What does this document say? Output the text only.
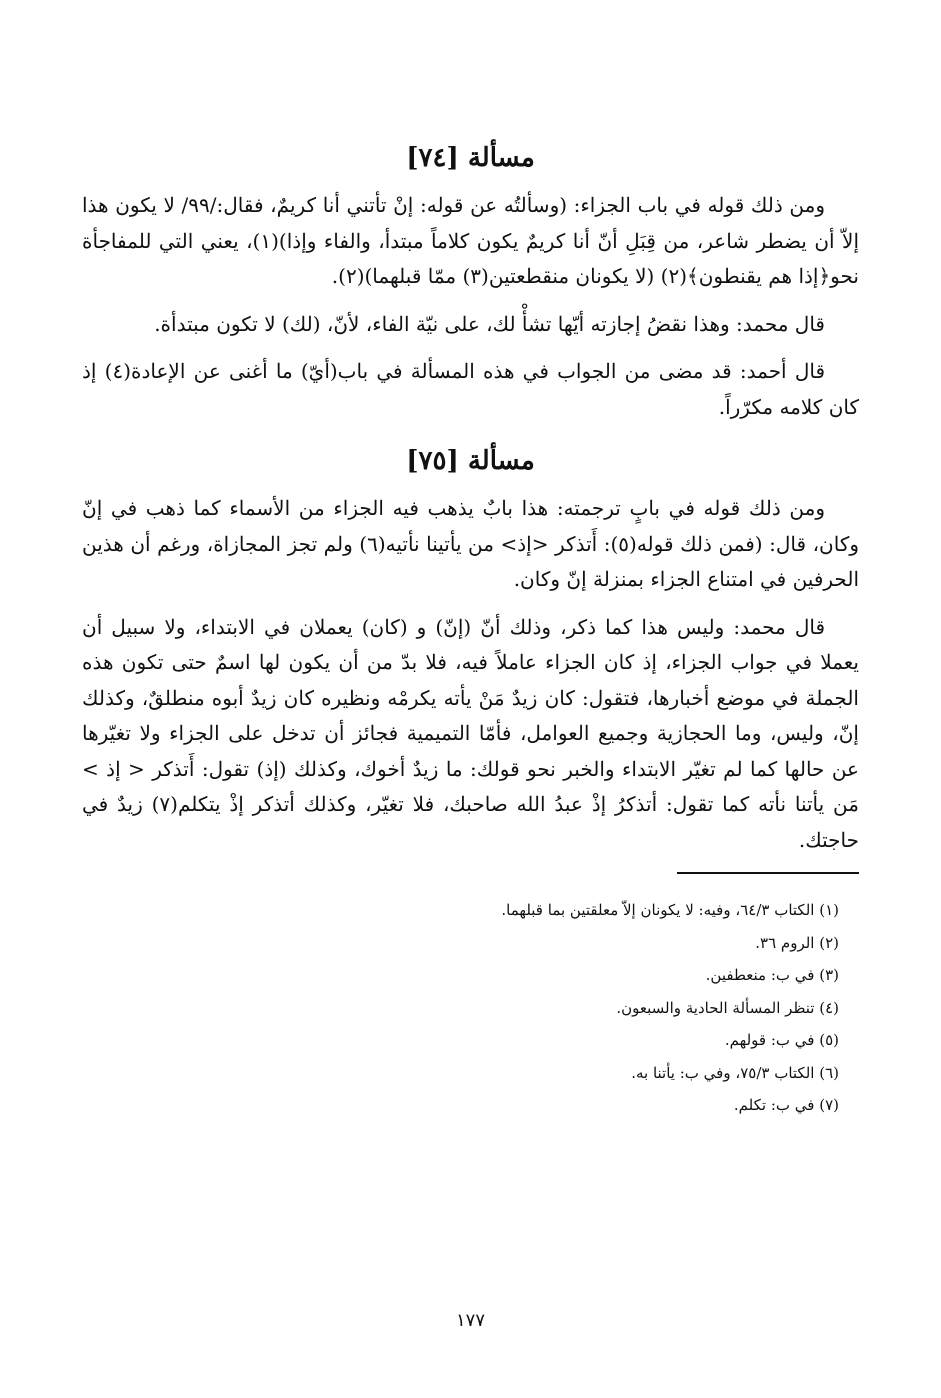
مسألة [٧٤]

ومن ذلك قوله في باب الجزاء: (وسألتُه عن قوله: إنْ تأتني أنا كريمٌ، فقال:/٩٩/ لا يكون هذا إلاّ أن يضطر شاعر، من قِبَلِ أنّ أنا كريمٌ يكون كلاماً مبتدأ، والفاء وإذا)(١)، يعني التي للمفاجأة نحو﴿إذا هم يقنطون﴾(٢) (لا يكونان منقطعتين(٣) ممّا قبلهما)(٢).

قال محمد: وهذا نقضُ إجازته أيّها تشأْ لك، على نيّة الفاء، لأنّ، (لك) لا تكون مبتدأة.

قال أحمد: قد مضى من الجواب في هذه المسألة في باب(أيّ) ما أغنى عن الإعادة(٤) إذ كان كلامه مكرّراً.

مسألة [٧٥]

ومن ذلك قوله في بابٍ ترجمته: هذا بابٌ يذهب فيه الجزاء من الأسماء كما ذهب في إنّ وكان، قال: (فمن ذلك قوله(٥): أَتذكر <إذ> من يأتينا نأتيه(٦) ولم تجز المجازاة، ورغم أن هذين الحرفين في امتناع الجزاء بمنزلة إنّ وكان.

قال محمد: وليس هذا كما ذكر، وذلك أنّ (إنّ) و (كان) يعملان في الابتداء، ولا سبيل أن يعملا في جواب الجزاء، إذ كان الجزاء عاملاً فيه، فلا بدّ من أن يكون لها اسمٌ حتى تكون هذه الجملة في موضع أخبارها، فتقول: كان زيدٌ مَنْ يأته يكرمْه ونظيره كان زيدٌ أبوه منطلقٌ، وكذلك إنّ، وليس، وما الحجازية وجميع العوامل، فأمّا التميمية فجائز أن تدخل على الجزاء ولا تغيّرها عن حالها كما لم تغيّر الابتداء والخبر نحو قولك: ما زيدٌ أخوك، وكذلك (إذ) تقول: أَتذكر < إذ > مَن يأتنا نأته كما تقول: أتذكرُ إذْ عبدُ الله صاحبك، فلا تغيّر، وكذلك أتذكر إذْ يتكلم(٧) زيدٌ في حاجتك.

(١) الكتاب ٦٤/٣، وفيه: لا يكونان إلاّ معلقتين بما قبلهما.
(٢) الروم ٣٦.
(٣) في ب: منعطفين.
(٤) تنظر المسألة الحادية والسبعون.
(٥) في ب: قولهم.
(٦) الكتاب ٧٥/٣، وفي ب: يأتنا به.
(٧) في ب: تكلم.
١٧٧
